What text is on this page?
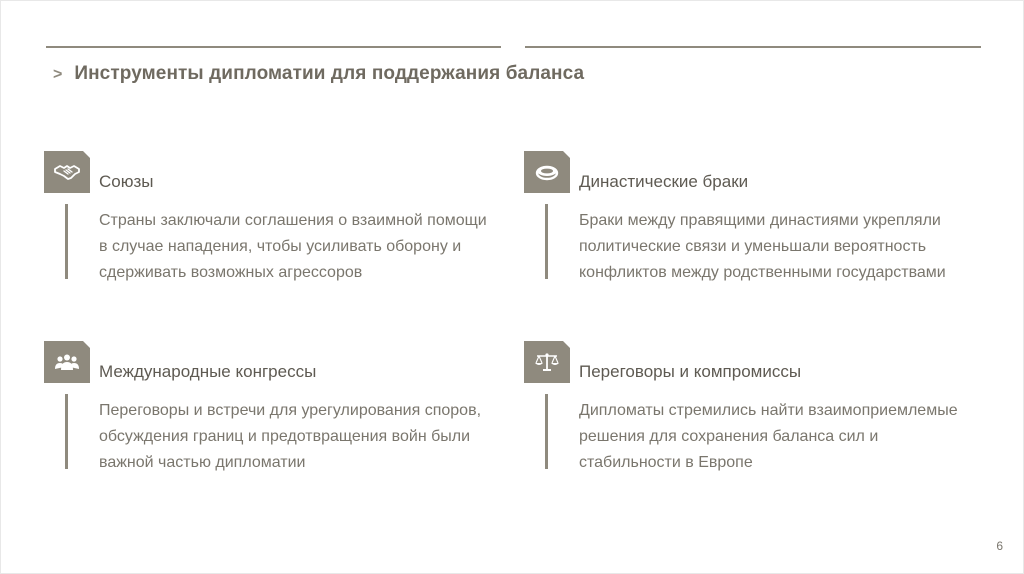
> Инструменты дипломатии для поддержания баланса
Союзы
Страны заключали соглашения о взаимной помощи в случае нападения, чтобы усиливать оборону и сдерживать возможных агрессоров
Династические браки
Браки между правящими династиями укрепляли политические связи и уменьшали вероятность конфликтов между родственными государствами
Международные конгрессы
Переговоры и встречи для урегулирования споров, обсуждения границ и предотвращения войн были важной частью дипломатии
Переговоры и компромиссы
Дипломаты стремились найти взаимоприемлемые решения для сохранения баланса сил и стабильности в Европе
6
